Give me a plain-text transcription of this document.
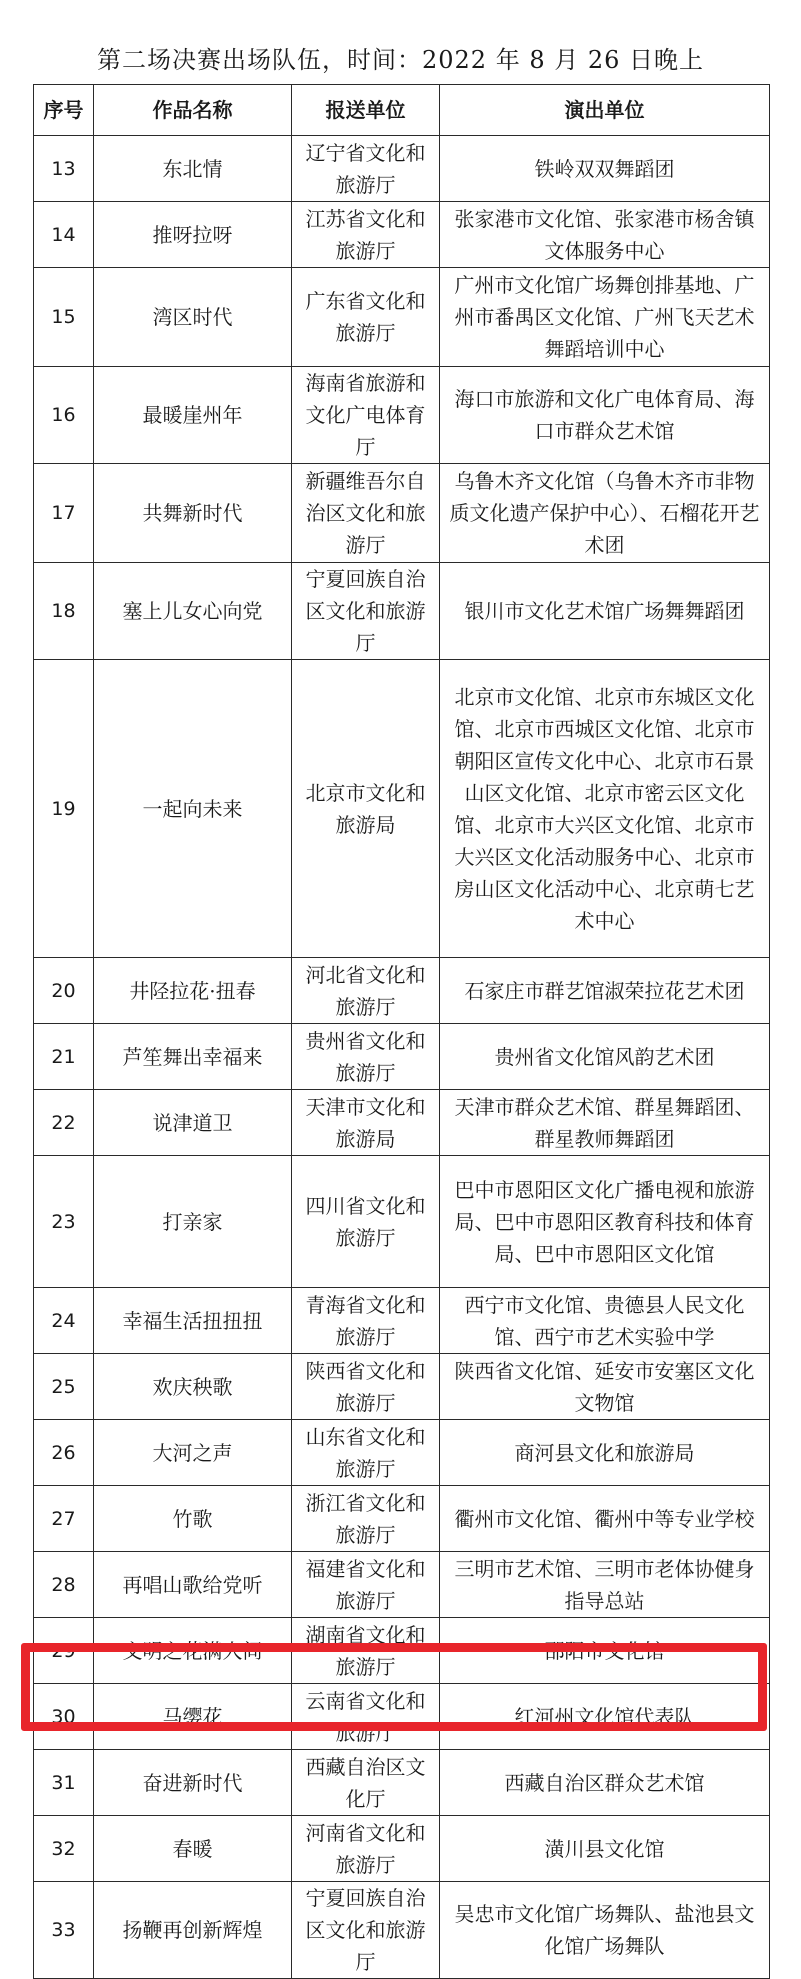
第二场决赛出场队伍，时间：2022 年 8 月 26 日晚上
序号	作品名称	报送单位	演出单位
13	东北情	辽宁省文化和旅游厅	铁岭双双舞蹈团
14	推呀拉呀	江苏省文化和旅游厅	张家港市文化馆、张家港市杨舍镇文体服务中心
15	湾区时代	广东省文化和旅游厅	广州市文化馆广场舞创排基地、广州市番禺区文化馆、广州飞天艺术舞蹈培训中心
16	最暖崖州年	海南省旅游和文化广电体育厅	海口市旅游和文化广电体育局、海口市群众艺术馆
17	共舞新时代	新疆维吾尔自治区文化和旅游厅	乌鲁木齐文化馆（乌鲁木齐市非物质文化遗产保护中心）、石榴花开艺术团
18	塞上儿女心向党	宁夏回族自治区文化和旅游厅	银川市文化艺术馆广场舞舞蹈团
19	一起向未来	北京市文化和旅游局	北京市文化馆、北京市东城区文化馆、北京市西城区文化馆、北京市朝阳区宣传文化中心、北京市石景山区文化馆、北京市密云区文化馆、北京市大兴区文化馆、北京市大兴区文化活动服务中心、北京市房山区文化活动中心、北京萌七艺术中心
20	井陉拉花·扭春	河北省文化和旅游厅	石家庄市群艺馆淑荣拉花艺术团
21	芦笙舞出幸福来	贵州省文化和旅游厅	贵州省文化馆风韵艺术团
22	说津道卫	天津市文化和旅游局	天津市群众艺术馆、群星舞蹈团、群星教师舞蹈团
23	打亲家	四川省文化和旅游厅	巴中市恩阳区文化广播电视和旅游局、巴中市恩阳区教育科技和体育局、巴中市恩阳区文化馆
24	幸福生活扭扭扭	青海省文化和旅游厅	西宁市文化馆、贵德县人民文化馆、西宁市艺术实验中学
25	欢庆秧歌	陕西省文化和旅游厅	陕西省文化馆、延安市安塞区文化文物馆
26	大河之声	山东省文化和旅游厅	商河县文化和旅游局
27	竹歌	浙江省文化和旅游厅	衢州市文化馆、衢州中等专业学校
28	再唱山歌给党听	福建省文化和旅游厅	三明市艺术馆、三明市老体协健身指导总站
29	文明之花满人间	湖南省文化和旅游厅	邵阳市文化馆
30	马缨花	云南省文化和旅游厅	红河州文化馆代表队
31	奋进新时代	西藏自治区文化厅	西藏自治区群众艺术馆
32	春暖	河南省文化和旅游厅	潢川县文化馆
33	扬鞭再创新辉煌	宁夏回族自治区文化和旅游厅	吴忠市文化馆广场舞队、盐池县文化馆广场舞队
